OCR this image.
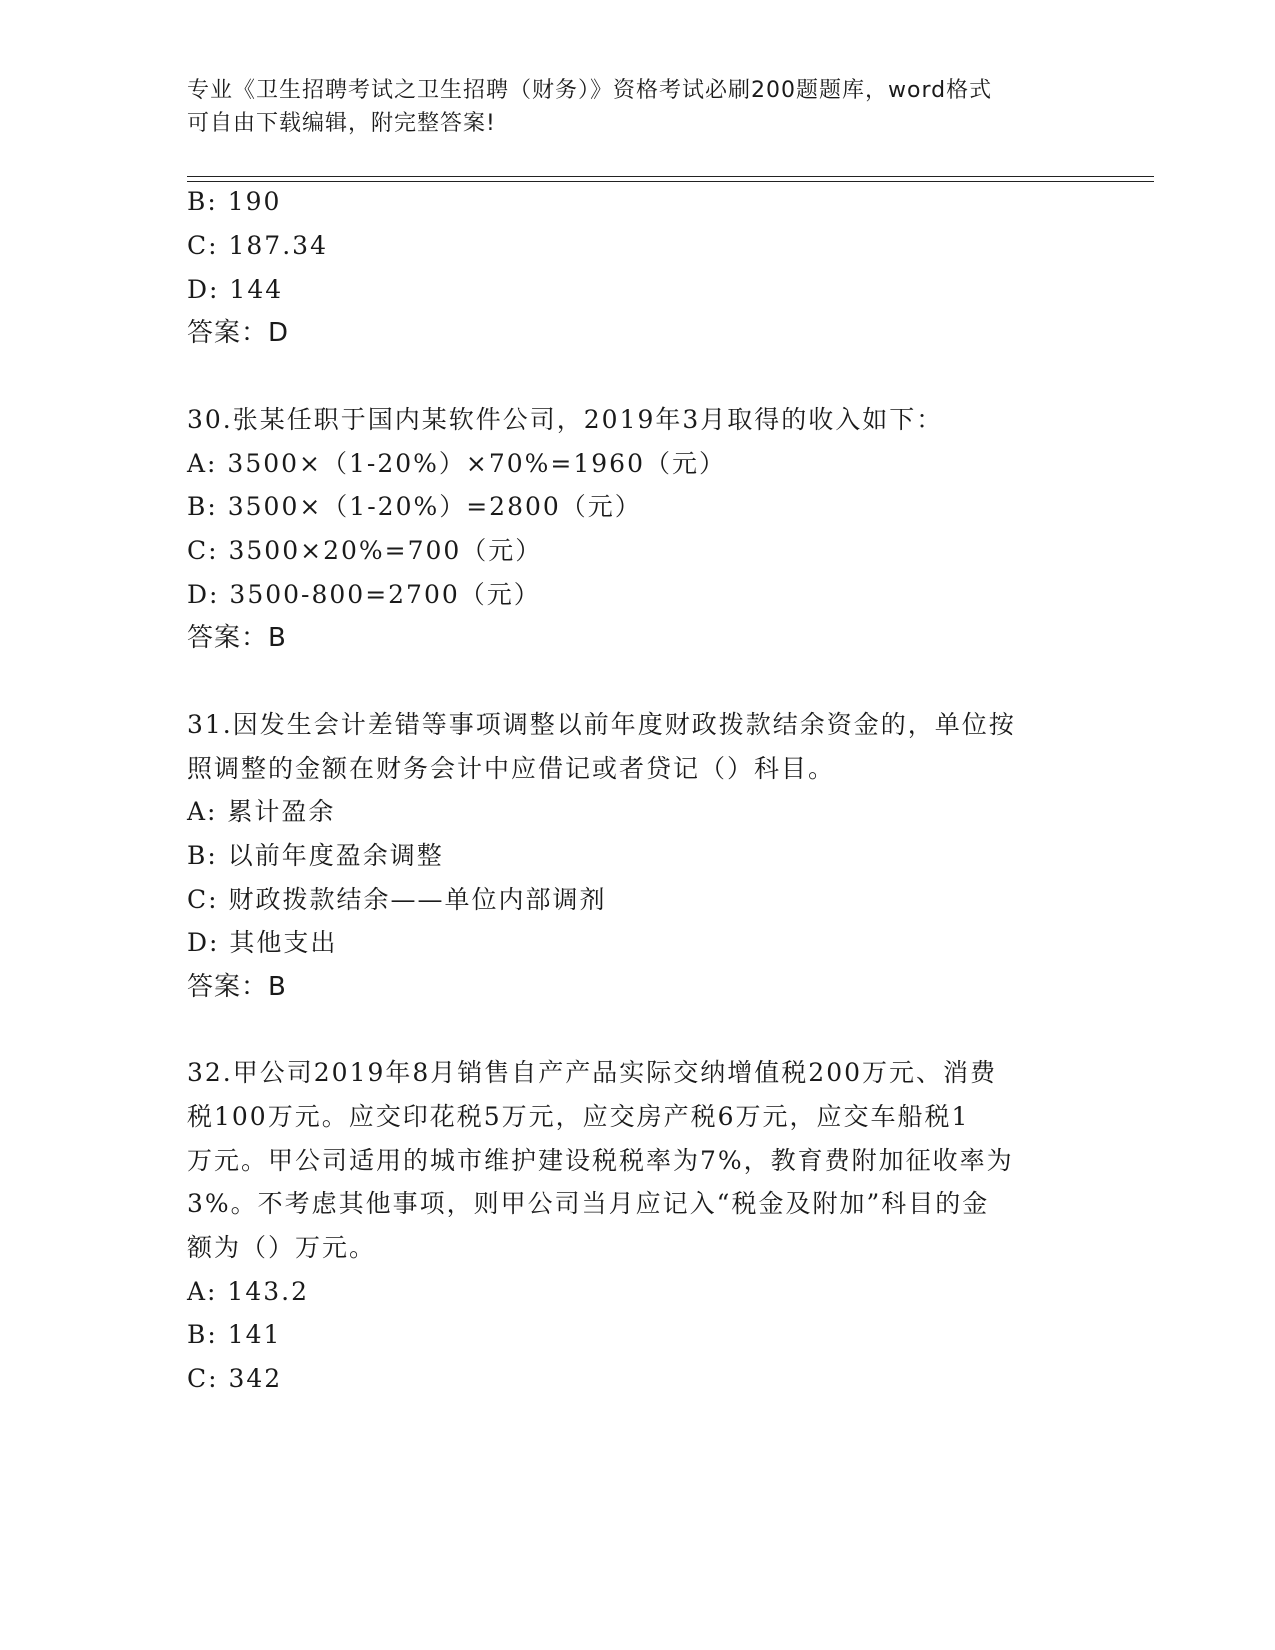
专业《卫生招聘考试之卫生招聘（财务）》资格考试必刷200题题库，word格式
可自由下载编辑，附完整答案!
B: 190
C: 187.34
D: 144
答案：D
30.张某任职于国内某软件公司，2019年3月取得的收入如下：
A: 3500×（1-20%）×70%=1960（元）
B: 3500×（1-20%）=2800（元）
C: 3500×20%=700（元）
D: 3500-800=2700（元）
答案：B
31.因发生会计差错等事项调整以前年度财政拨款结余资金的，单位按
照调整的金额在财务会计中应借记或者贷记（）科目。
A: 累计盈余
B: 以前年度盈余调整
C: 财政拨款结余——单位内部调剂
D: 其他支出
答案：B
32.甲公司2019年8月销售自产产品实际交纳增值税200万元、消费
税100万元。应交印花税5万元，应交房产税6万元，应交车船税1
万元。甲公司适用的城市维护建设税税率为7%，教育费附加征收率为
3%。不考虑其他事项，则甲公司当月应记入“税金及附加”科目的金
额为（）万元。
A: 143.2
B: 141
C: 342
